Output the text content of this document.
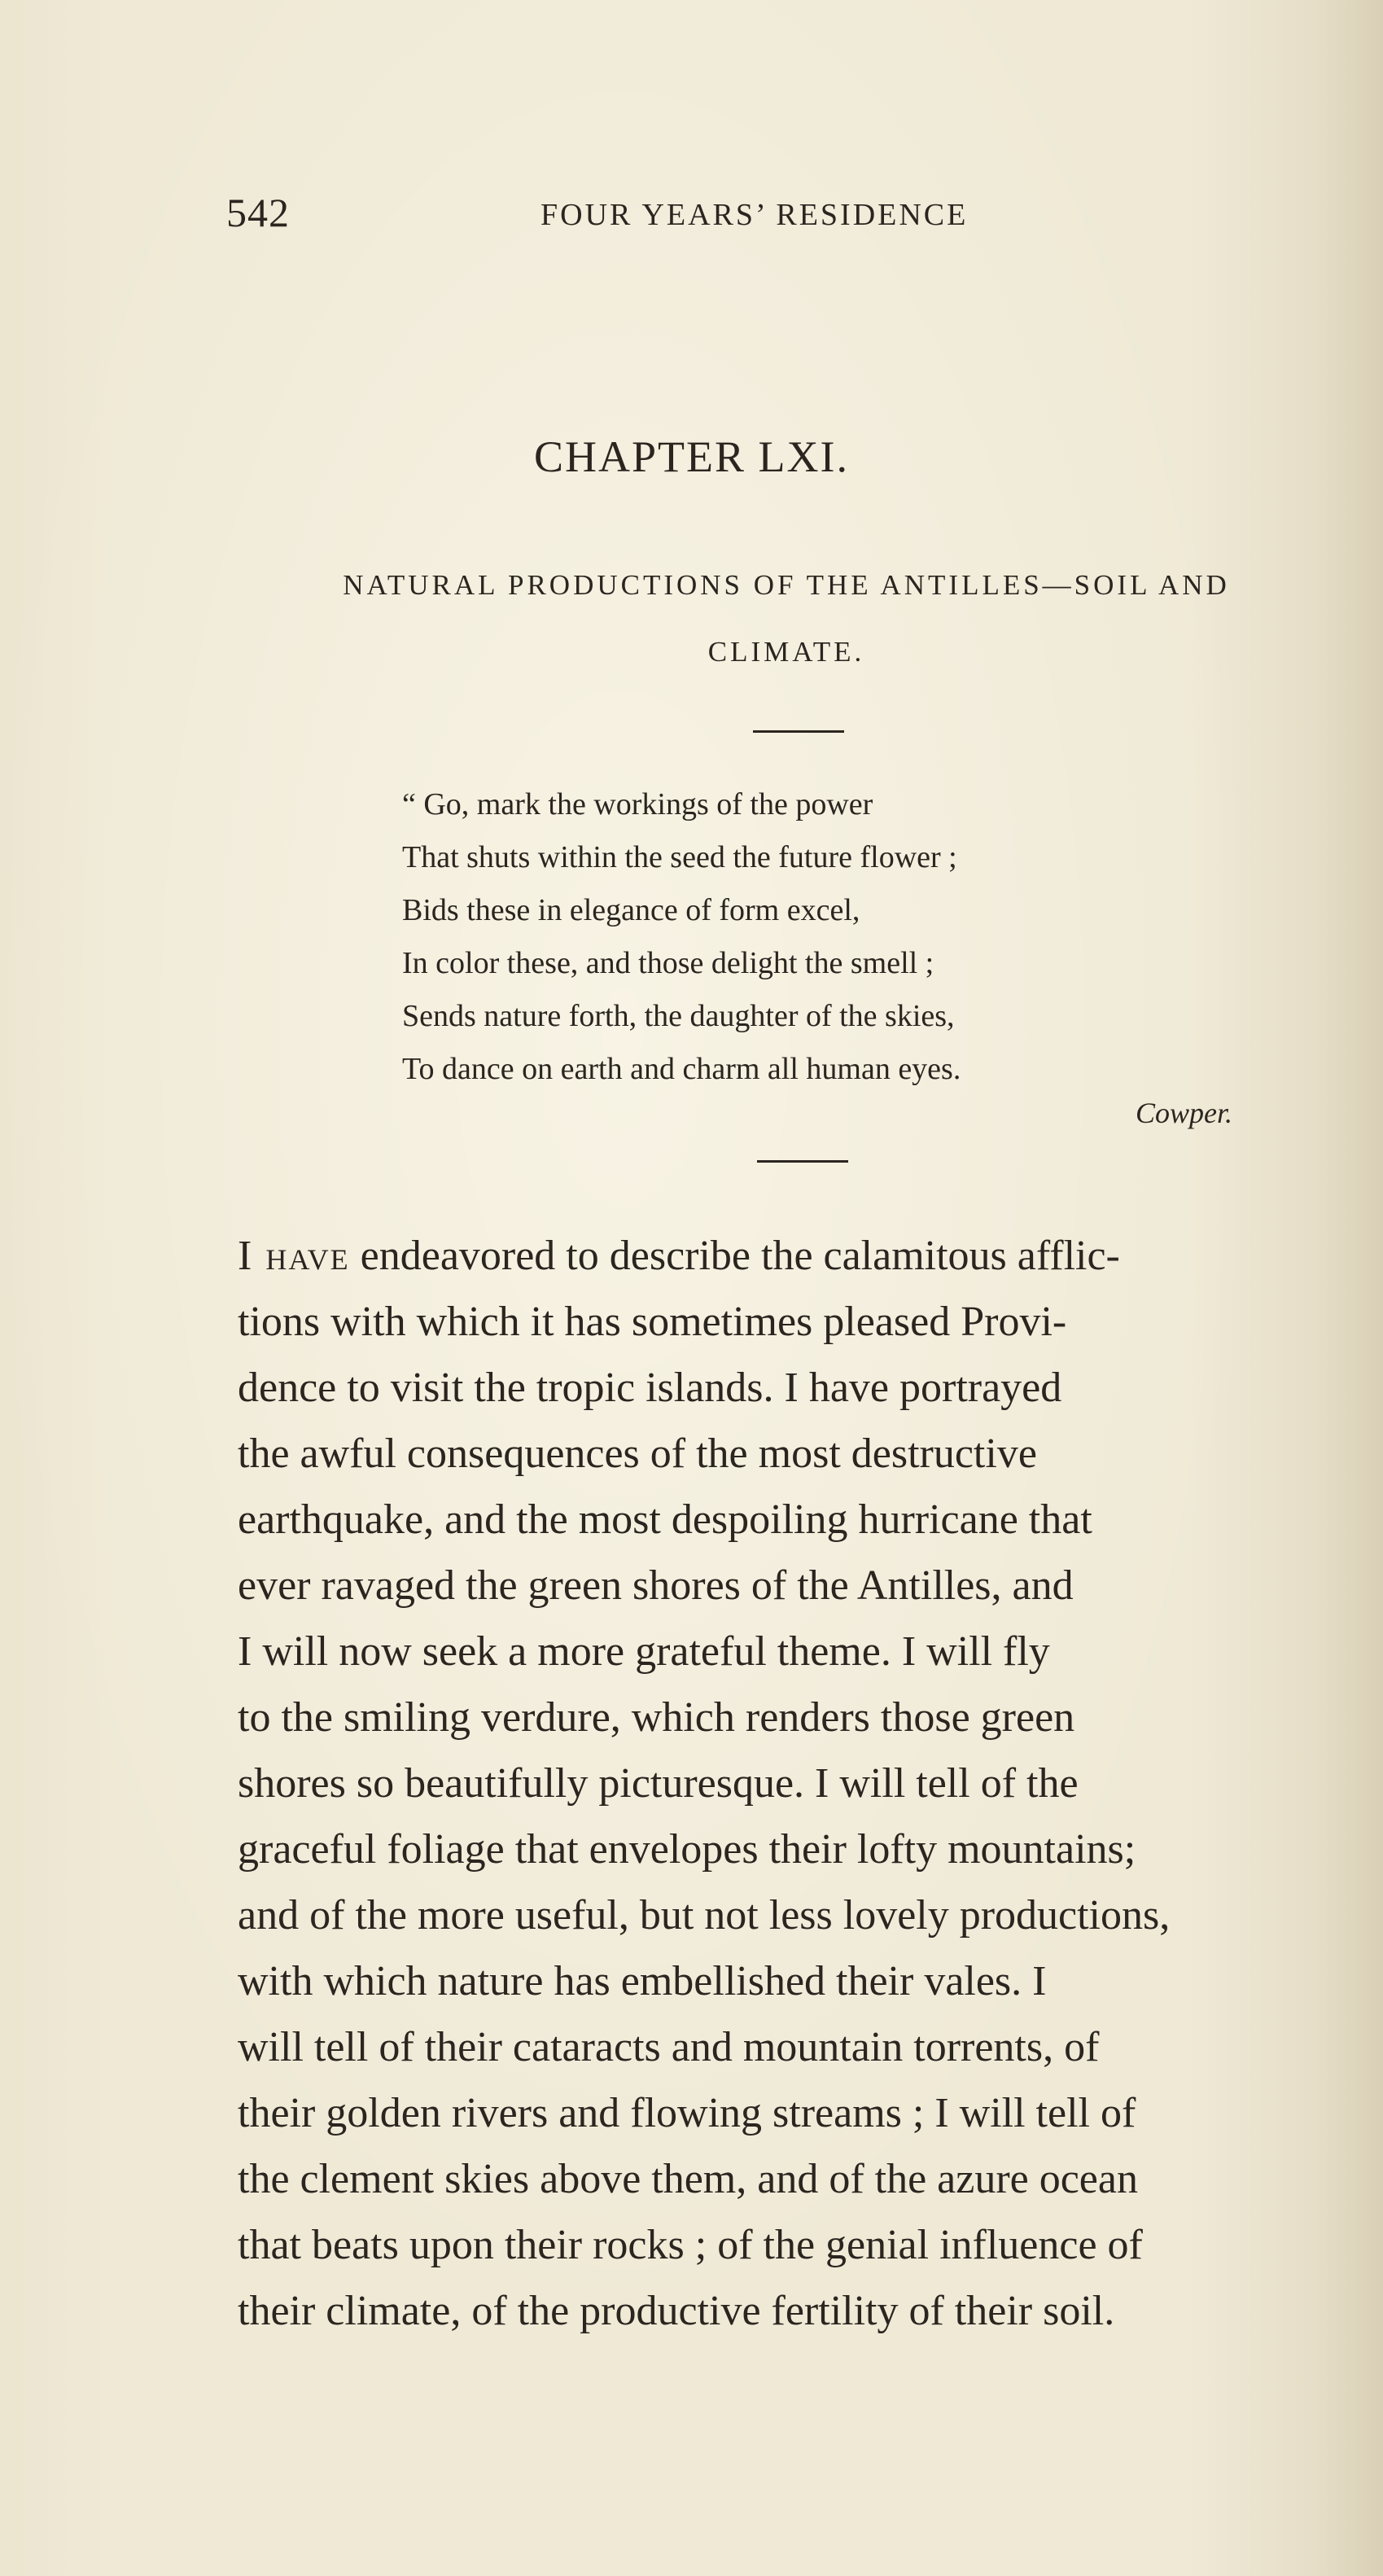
542	FOUR YEARS’ RESIDENCE
CHAPTER LXI.
NATURAL PRODUCTIONS OF THE ANTILLES—SOIL AND
CLIMATE.
“ Go, mark the workings of the power
That shuts within the seed the future flower ;
Bids these in elegance of form excel,
In color these, and those delight the smell ;
Sends nature forth, the daughter of the skies,
To dance on earth and charm all human eyes.
Cowper.
I have endeavored to describe the calamitous afflic-
tions with which it has sometimes pleased Provi-
dence to visit the tropic islands. I have portrayed
the awful consequences of the most destructive
earthquake, and the most despoiling hurricane that
ever ravaged the green shores of the Antilles, and
I will now seek a more grateful theme. I will fly
to the smiling verdure, which renders those green
shores so beautifully picturesque. I will tell of the
graceful foliage that envelopes their lofty mountains;
and of the more useful, but not less lovely productions,
with which nature has embellished their vales. I
will tell of their cataracts and mountain torrents, of
their golden rivers and flowing streams ; I will tell of
the clement skies above them, and of the azure ocean
that beats upon their rocks ; of the genial influence of
their climate, of the productive fertility of their soil.
